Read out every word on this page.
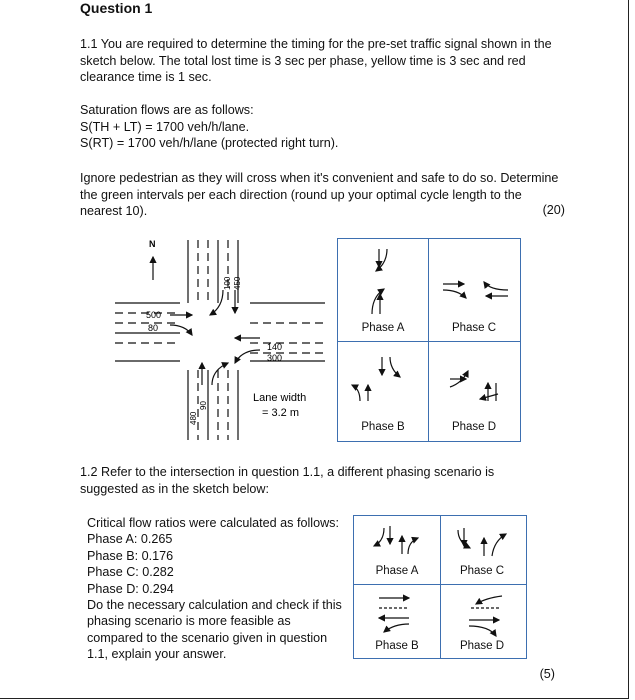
Question 1
1.1 You are required to determine the timing for the pre-set traffic signal shown in the
sketch below. The total lost time is 3 sec per phase, yellow time is 3 sec and red
clearance time is 1 sec.
Saturation flows are as follows:
S(TH + LT) = 1700 veh/h/lane.
S(RT) = 1700 veh/h/lane (protected right turn).
Ignore pedestrian as they will cross when it's convenient and safe to do so. Determine
the green intervals per each direction (round up your optimal cycle length to the
nearest 10).	(20)
N
500
80
140
300
100 450
480
90
Lane width
= 3.2 m
Phase A	Phase C
Phase B	Phase D
1.2 Refer to the intersection in question 1.1, a different phasing scenario is
suggested as in the sketch below:
Critical flow ratios were calculated as follows:
Phase A: 0.265
Phase B: 0.176
Phase C: 0.282
Phase D: 0.294
Do the necessary calculation and check if this
phasing scenario is more feasible as
compared to the scenario given in question
1.1, explain your answer.
Phase A	Phase C
Phase B	Phase D
(5)
